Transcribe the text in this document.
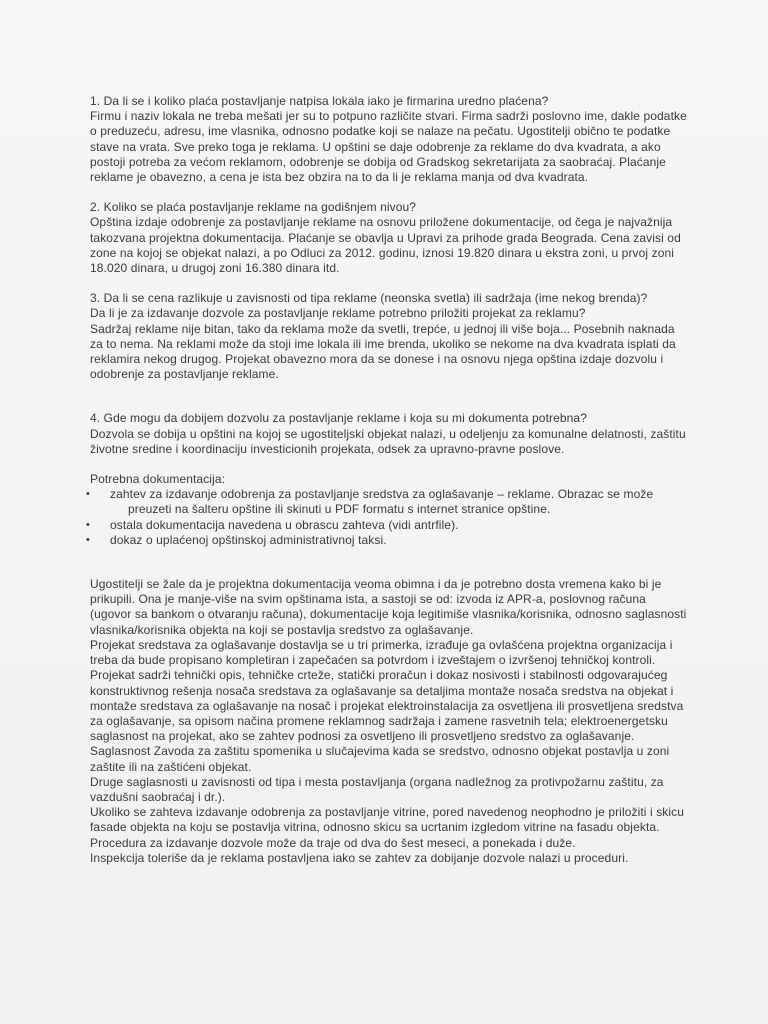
1. Da li se i koliko plaća postavljanje natpisa lokala iako je firmarina uredno plaćena?

Firmu i naziv lokala ne treba mešati jer su to potpuno različite stvari. Firma sadrži poslovno ime, dakle podatke o preduzeću, adresu, ime vlasnika, odnosno podatke koji se nalaze na pečatu. Ugostitelji obično te podatke stave na vrata. Sve preko toga je reklama. U opštini se daje odobrenje za reklame do dva kvadrata, a ako postoji potreba za većom reklamom, odobrenje se dobija od Gradskog sekretarijata za saobraćaj. Plaćanje reklame je obavezno, a cena je ista bez obzira na to da li je reklama manja od dva kvadrata.

2. Koliko se plaća postavljanje reklame na godišnjem nivou?

Opština izdaje odobrenje za postavljanje reklame na osnovu priložene dokumentacije, od čega je najvažnija takozvana projektna dokumentacija. Plaćanje se obavlja u Upravi za prihode grada Beograda. Cena zavisi od zone na kojoj se objekat nalazi, a po Odluci za 2012. godinu, iznosi 19.820 dinara u ekstra zoni, u prvoj zoni 18.020 dinara, u drugoj zoni 16.380 dinara itd.

3. Da li se cena razlikuje u zavisnosti od tipa reklame (neonska svetla) ili sadržaja (ime nekog brenda)?

Da li je za izdavanje dozvole za postavljanje reklame potrebno priložiti projekat za reklamu?

Sadržaj reklame nije bitan, tako da reklama može da svetli, trepće, u jednoj ili više boja... Posebnih naknada za to nema. Na reklami može da stoji ime lokala ili ime brenda, ukoliko se nekome na dva kvadrata isplati da reklamira nekog drugog. Projekat obavezno mora da se donese i na osnovu njega opština izdaje dozvolu i odobrenje za postavljanje reklame.

4. Gde mogu da dobijem dozvolu za postavljanje reklame i koja su mi dokumenta potrebna?

Dozvola se dobija u opštini na kojoj se ugostiteljski objekat nalazi, u odeljenju za komunalne delatnosti, zaštitu životne sredine i koordinaciju investicionih projekata, odsek za upravno-pravne poslove.

Potrebna dokumentacija:

• zahtev za izdavanje odobrenja za postavljanje sredstva za oglašavanje – reklame. Obrazac se može preuzeti na šalteru opštine ili skinuti u PDF formatu s internet stranice opštine.
• ostala dokumentacija navedena u obrascu zahteva (vidi antrfile).
• dokaz o uplaćenoj opštinskoj administrativnoj taksi.

Ugostitelji se žale da je projektna dokumentacija veoma obimna i da je potrebno dosta vremena kako bi je prikupili. Ona je manje-više na svim opštinama ista, a sastoji se od: izvoda iz APR-a, poslovnog računa (ugovor sa bankom o otvaranju računa), dokumentacije koja legitimiše vlasnika/korisnika, odnosno saglasnosti vlasnika/korisnika objekta na koji se postavlja sredstvo za oglašavanje.

Projekat sredstava za oglašavanje dostavlja se u tri primerka, izrađuje ga ovlašćena projektna organizacija i treba da bude propisano kompletiran i zapečaćen sa potvrdom i izveštajem o izvršenoj tehničkoj kontroli.

Projekat sadrži tehnički opis, tehničke crteže, statički proračun i dokaz nosivosti i stabilnosti odgovarajućeg konstruktivnog rešenja nosača sredstava za oglašavanje sa detaljima montaže nosača sredstva na objekat i montaže sredstava za oglašavanje na nosač i projekat elektroinstalacija za osvetljena ili prosvetljena sredstva za oglašavanje, sa opisom načina promene reklamnog sadržaja i zamene rasvetnih tela; elektroenergetsku saglasnost na projekat, ako se zahtev podnosi za osvetljeno ili prosvetljeno sredstvo za oglašavanje.

Saglasnost Zavoda za zaštitu spomenika u slučajevima kada se sredstvo, odnosno objekat postavlja u zoni zaštite ili na zaštićeni objekat.

Druge saglasnosti u zavisnosti od tipa i mesta postavljanja (organa nadležnog za protivpožarnu zaštitu, za vazdušni saobraćaj i dr.).

Ukoliko se zahteva izdavanje odobrenja za postavljanje vitrine, pored navedenog neophodno je priložiti i skicu fasade objekta na koju se postavlja vitrina, odnosno skicu sa ucrtanim izgledom vitrine na fasadu objekta. Procedura za izdavanje dozvole može da traje od dva do šest meseci, a ponekada i duže.

Inspekcija toleriše da je reklama postavljena iako se zahtev za dobijanje dozvole nalazi u proceduri.
